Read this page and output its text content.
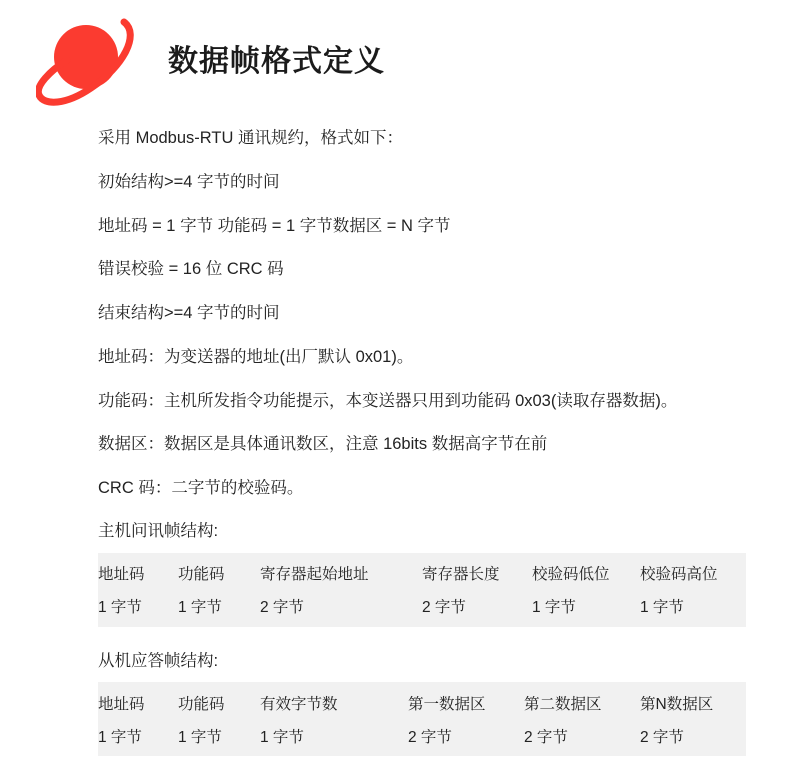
数据帧格式定义

采用 Modbus-RTU 通讯规约，格式如下：

初始结构>=4 字节的时间

地址码 = 1 字节 功能码 = 1 字节数据区 = N 字节

错误校验 = 16 位 CRC 码

结束结构>=4 字节的时间

地址码：为变送器的地址(出厂默认 0x01)。

功能码：主机所发指令功能提示，本变送器只用到功能码 0x03(读取存器数据)。

数据区：数据区是具体通讯数区，注意 16bits 数据高字节在前

CRC 码：二字节的校验码。

主机问讯帧结构:

地址码	功能码	寄存器起始地址	寄存器长度	校验码低位	校验码高位
1 字节	1 字节	2 字节	2 字节	1 字节	1 字节

从机应答帧结构:

地址码	功能码	有效字节数	第一数据区	第二数据区	第N数据区
1 字节	1 字节	1 字节	2 字节	2 字节	2 字节
